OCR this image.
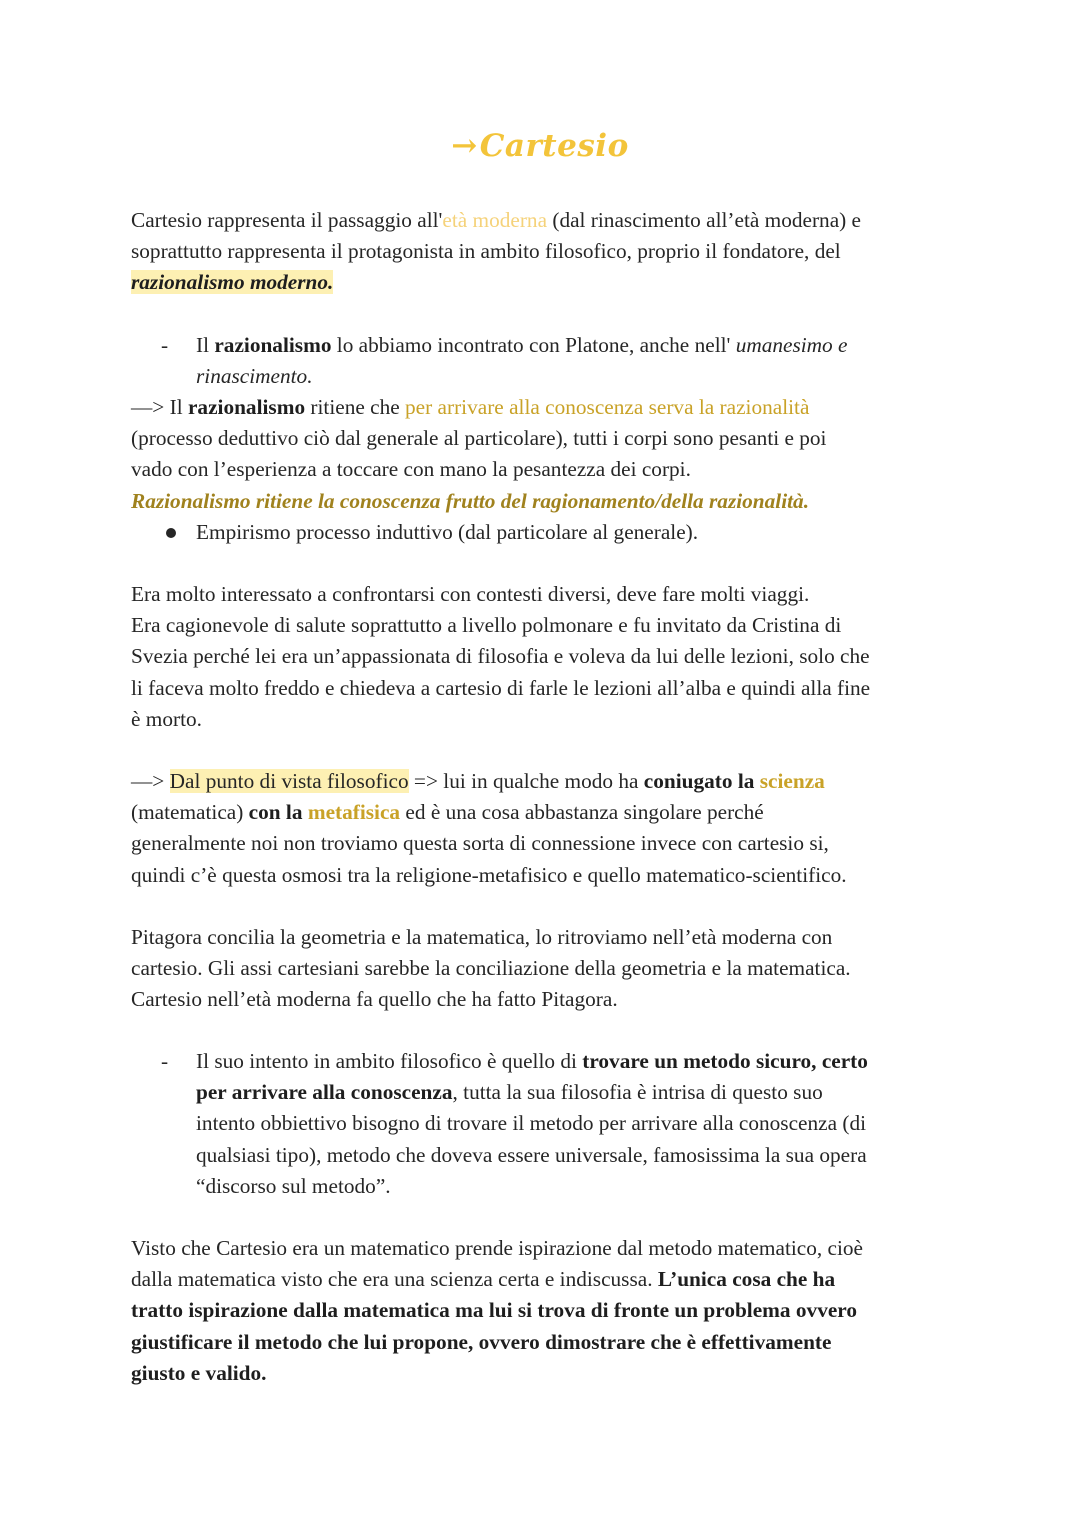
→Cartesio

Cartesio rappresenta il passaggio all'età moderna (dal rinascimento all’età moderna) e

soprattutto rappresenta il protagonista in ambito filosofico, proprio il fondatore, del

razionalismo moderno.

- Il razionalismo lo abbiamo incontrato con Platone, anche nell' umanesimo e

rinascimento.

—> Il razionalismo ritiene che per arrivare alla conoscenza serva la razionalità

(processo deduttivo ciò dal generale al particolare), tutti i corpi sono pesanti e poi

vado con l’esperienza a toccare con mano la pesantezza dei corpi.

Razionalismo ritiene la conoscenza frutto del ragionamento/della razionalità.

Empirismo processo induttivo (dal particolare al generale).

Era molto interessato a confrontarsi con contesti diversi, deve fare molti viaggi.

Era cagionevole di salute soprattutto a livello polmonare e fu invitato da Cristina di

Svezia perché lei era un’appassionata di filosofia e voleva da lui delle lezioni, solo che

li faceva molto freddo e chiedeva a cartesio di farle le lezioni all’alba e quindi alla fine

è morto.

—> Dal punto di vista filosofico => lui in qualche modo ha coniugato la scienza

(matematica) con la metafisica ed è una cosa abbastanza singolare perché

generalmente noi non troviamo questa sorta di connessione invece con cartesio si,

quindi c’è questa osmosi tra la religione-metafisico e quello matematico-scientifico.

Pitagora concilia la geometria e la matematica, lo ritroviamo nell’età moderna con

cartesio. Gli assi cartesiani sarebbe la conciliazione della geometria e la matematica.

Cartesio nell’età moderna fa quello che ha fatto Pitagora.

- Il suo intento in ambito filosofico è quello di trovare un metodo sicuro, certo

per arrivare alla conoscenza, tutta la sua filosofia è intrisa di questo suo

intento obbiettivo bisogno di trovare il metodo per arrivare alla conoscenza (di

qualsiasi tipo), metodo che doveva essere universale, famosissima la sua opera

“discorso sul metodo”.

Visto che Cartesio era un matematico prende ispirazione dal metodo matematico, cioè

dalla matematica visto che era una scienza certa e indiscussa. L’unica cosa che ha

tratto ispirazione dalla matematica ma lui si trova di fronte un problema ovvero

giustificare il metodo che lui propone, ovvero dimostrare che è effettivamente

giusto e valido.
